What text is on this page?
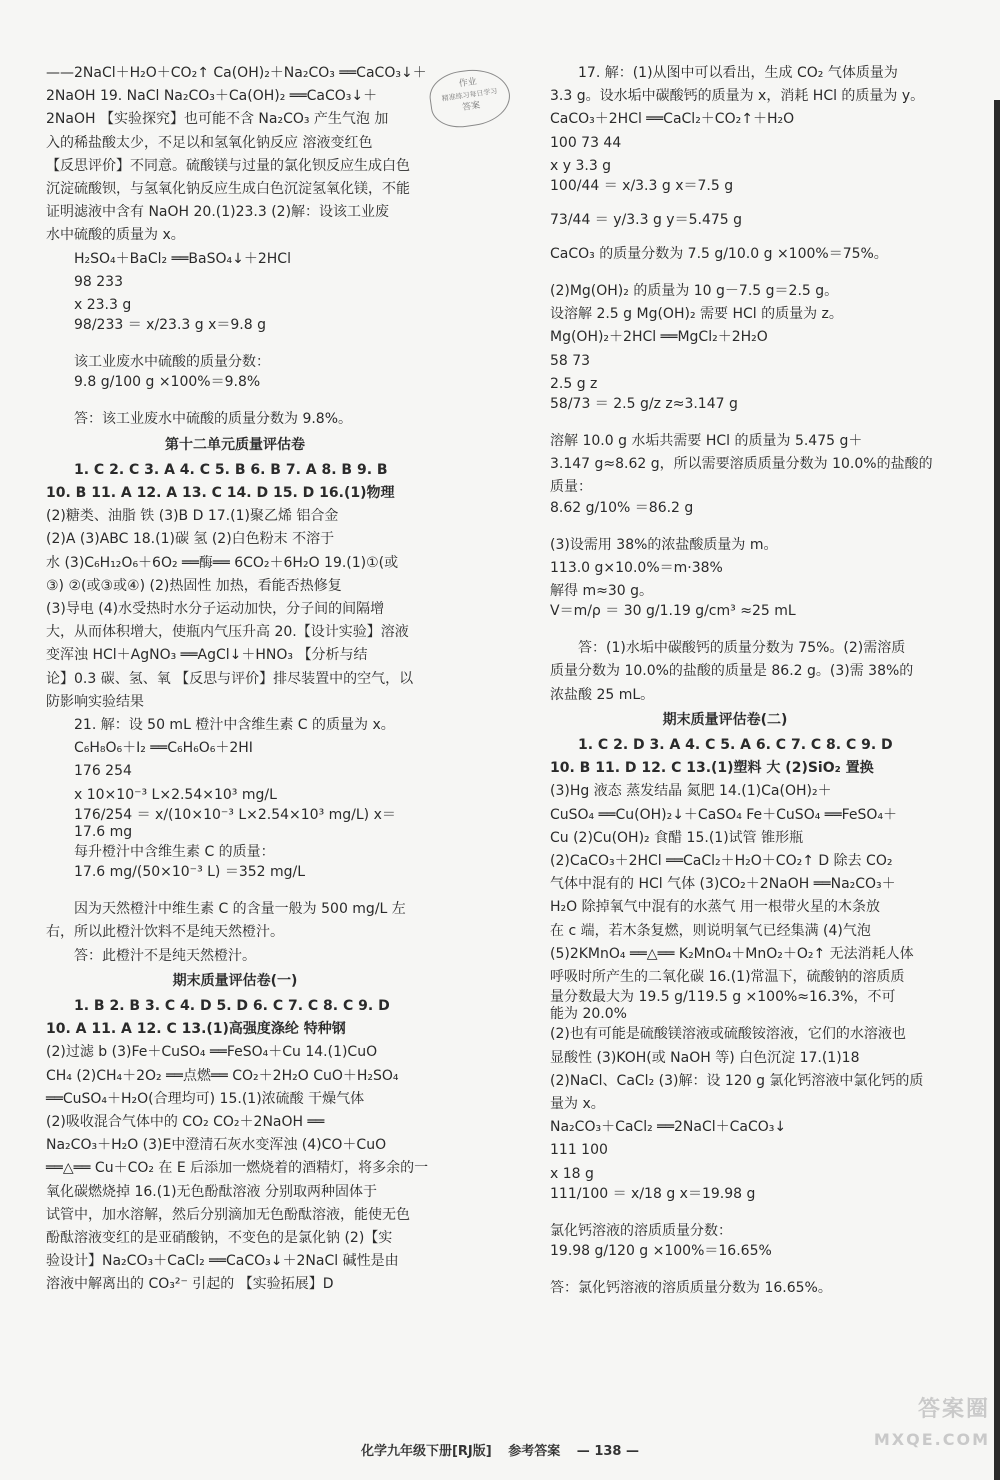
作业
精准练习每日学习
答案
——2NaCl＋H₂O＋CO₂↑ Ca(OH)₂＋Na₂CO₃ ══CaCO₃↓＋
2NaOH 19. NaCl Na₂CO₃＋Ca(OH)₂ ══CaCO₃↓＋
2NaOH 【实验探究】也可能不含 Na₂CO₃ 产生气泡 加
入的稀盐酸太少，不足以和氢氧化钠反应 溶液变红色
【反思评价】不同意。硫酸镁与过量的氯化钡反应生成白色
沉淀硫酸钡，与氢氧化钠反应生成白色沉淀氢氧化镁，不能
证明滤液中含有 NaOH 20.(1)23.3 (2)解：设该工业废
水中硫酸的质量为 x。
H₂SO₄＋BaCl₂ ══BaSO₄↓＋2HCl
98 233
x 23.3 g
98/233 ＝ x/23.3 g x＝9.8 g
该工业废水中硫酸的质量分数：
9.8 g/100 g ×100%＝9.8%
答：该工业废水中硫酸的质量分数为 9.8%。
第十二单元质量评估卷
1. C 2. C 3. A 4. C 5. B 6. B 7. A 8. B 9. B
10. B 11. A 12. A 13. C 14. D 15. D 16.(1)物理
(2)糖类、油脂 铁 (3)B D 17.(1)聚乙烯 铝合金
(2)A (3)ABC 18.(1)碳 氢 (2)白色粉末 不溶于
水 (3)C₆H₁₂O₆＋6O₂ ══酶══ 6CO₂＋6H₂O 19.(1)①(或
③) ②(或③或④) (2)热固性 加热，看能否热修复
(3)导电 (4)水受热时水分子运动加快，分子间的间隔增
大，从而体积增大，使瓶内气压升高 20.【设计实验】溶液
变浑浊 HCl＋AgNO₃ ══AgCl↓＋HNO₃ 【分析与结
论】0.3 碳、氢、氧 【反思与评价】排尽装置中的空气，以
防影响实验结果
21. 解：设 50 mL 橙汁中含维生素 C 的质量为 x。
C₆H₈O₆＋I₂ ══C₆H₆O₆＋2HI
176 254
x 10×10⁻³ L×2.54×10³ mg/L
176/254 ＝ x/(10×10⁻³ L×2.54×10³ mg/L) x＝17.6 mg
每升橙汁中含维生素 C 的质量：
17.6 mg/(50×10⁻³ L) ＝352 mg/L
因为天然橙汁中维生素 C 的含量一般为 500 mg/L 左
右，所以此橙汁饮料不是纯天然橙汁。
答：此橙汁不是纯天然橙汁。
期末质量评估卷(一)
1. B 2. B 3. C 4. D 5. D 6. C 7. C 8. C 9. D
10. A 11. A 12. C 13.(1)高强度涤纶 特种钢
(2)过滤 b (3)Fe＋CuSO₄ ══FeSO₄＋Cu 14.(1)CuO
CH₄ (2)CH₄＋2O₂ ══点燃══ CO₂＋2H₂O CuO＋H₂SO₄
══CuSO₄＋H₂O(合理均可) 15.(1)浓硫酸 干燥气体
(2)吸收混合气体中的 CO₂ CO₂＋2NaOH ══
Na₂CO₃＋H₂O (3)E中澄清石灰水变浑浊 (4)CO＋CuO
══△══ Cu＋CO₂ 在 E 后添加一燃烧着的酒精灯，将多余的一
氧化碳燃烧掉 16.(1)无色酚酞溶液 分别取两种固体于
试管中，加水溶解，然后分别滴加无色酚酞溶液，能使无色
酚酞溶液变红的是亚硝酸钠，不变色的是氯化钠 (2)【实
验设计】Na₂CO₃＋CaCl₂ ══CaCO₃↓＋2NaCl 碱性是由
溶液中解离出的 CO₃²⁻ 引起的 【实验拓展】D
17. 解：(1)从图中可以看出，生成 CO₂ 气体质量为
3.3 g。设水垢中碳酸钙的质量为 x，消耗 HCl 的质量为 y。
CaCO₃＋2HCl ══CaCl₂＋CO₂↑＋H₂O
100 73 44
x y 3.3 g
100/44 ＝ x/3.3 g x＝7.5 g
73/44 ＝ y/3.3 g y＝5.475 g
CaCO₃ 的质量分数为 7.5 g/10.0 g ×100%＝75%。
(2)Mg(OH)₂ 的质量为 10 g－7.5 g＝2.5 g。
设溶解 2.5 g Mg(OH)₂ 需要 HCl 的质量为 z。
Mg(OH)₂＋2HCl ══MgCl₂＋2H₂O
58 73
2.5 g z
58/73 ＝ 2.5 g/z z≈3.147 g
溶解 10.0 g 水垢共需要 HCl 的质量为 5.475 g＋
3.147 g≈8.62 g，所以需要溶质质量分数为 10.0%的盐酸的
质量：
8.62 g/10% ＝86.2 g
(3)设需用 38%的浓盐酸质量为 m。
113.0 g×10.0%＝m·38%
解得 m≈30 g。
V＝m/ρ ＝ 30 g/1.19 g/cm³ ≈25 mL
答：(1)水垢中碳酸钙的质量分数为 75%。(2)需溶质
质量分数为 10.0%的盐酸的质量是 86.2 g。(3)需 38%的
浓盐酸 25 mL。
期末质量评估卷(二)
1. C 2. D 3. A 4. C 5. A 6. C 7. C 8. C 9. D
10. B 11. D 12. C 13.(1)塑料 大 (2)SiO₂ 置换
(3)Hg 液态 蒸发结晶 氮肥 14.(1)Ca(OH)₂＋
CuSO₄ ══Cu(OH)₂↓＋CaSO₄ Fe＋CuSO₄ ══FeSO₄＋
Cu (2)Cu(OH)₂ 食醋 15.(1)试管 锥形瓶
(2)CaCO₃＋2HCl ══CaCl₂＋H₂O＋CO₂↑ D 除去 CO₂
气体中混有的 HCl 气体 (3)CO₂＋2NaOH ══Na₂CO₃＋
H₂O 除掉氧气中混有的水蒸气 用一根带火星的木条放
在 c 端，若木条复燃，则说明氧气已经集满 (4)气泡
(5)2KMnO₄ ══△══ K₂MnO₄＋MnO₂＋O₂↑ 无法消耗人体
呼吸时所产生的二氧化碳 16.(1)常温下，硫酸钠的溶质质
量分数最大为 19.5 g/119.5 g ×100%≈16.3%，不可能为 20.0%
(2)也有可能是硫酸镁溶液或硫酸铵溶液，它们的水溶液也
显酸性 (3)KOH(或 NaOH 等) 白色沉淀 17.(1)18
(2)NaCl、CaCl₂ (3)解：设 120 g 氯化钙溶液中氯化钙的质
量为 x。
Na₂CO₃＋CaCl₂ ══2NaCl＋CaCO₃↓
111 100
x 18 g
111/100 ＝ x/18 g x＝19.98 g
氯化钙溶液的溶质质量分数：
19.98 g/120 g ×100%＝16.65%
答：氯化钙溶液的溶质质量分数为 16.65%。
化学九年级下册[RJ版] 参考答案 — 138 —
答案圈
MXQE.COM
